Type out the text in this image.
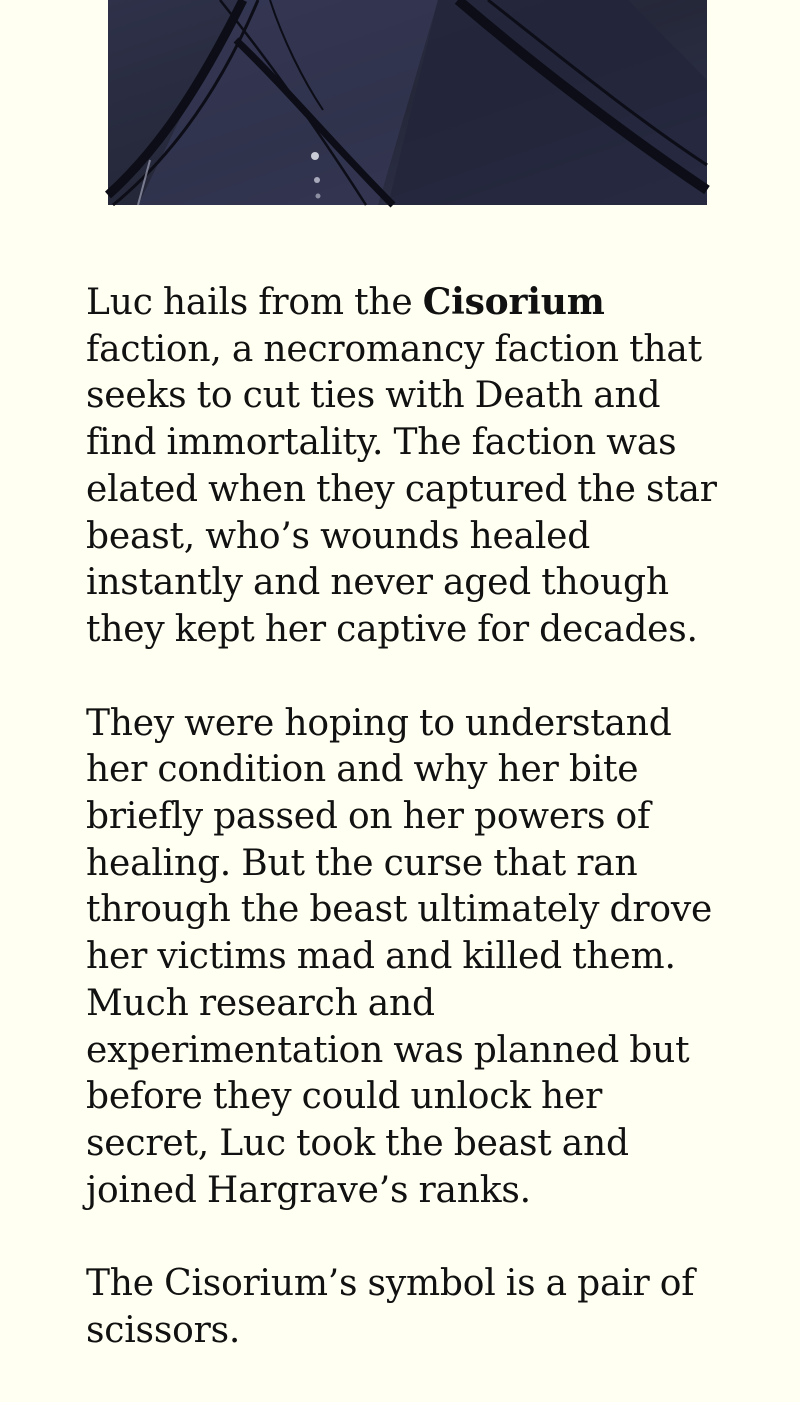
Luc hails from the Cisorium faction, a necromancy faction that seeks to cut ties with Death and find immortality. The faction was elated when they captured the star beast, who’s wounds healed instantly and never aged though they kept her captive for decades.

They were hoping to understand her condition and why her bite briefly passed on her powers of healing. But the curse that ran through the beast ultimately drove her victims mad and killed them. Much research and experimentation was planned but before they could unlock her secret, Luc took the beast and joined Hargrave’s ranks.

The Cisorium’s symbol is a pair of scissors.
